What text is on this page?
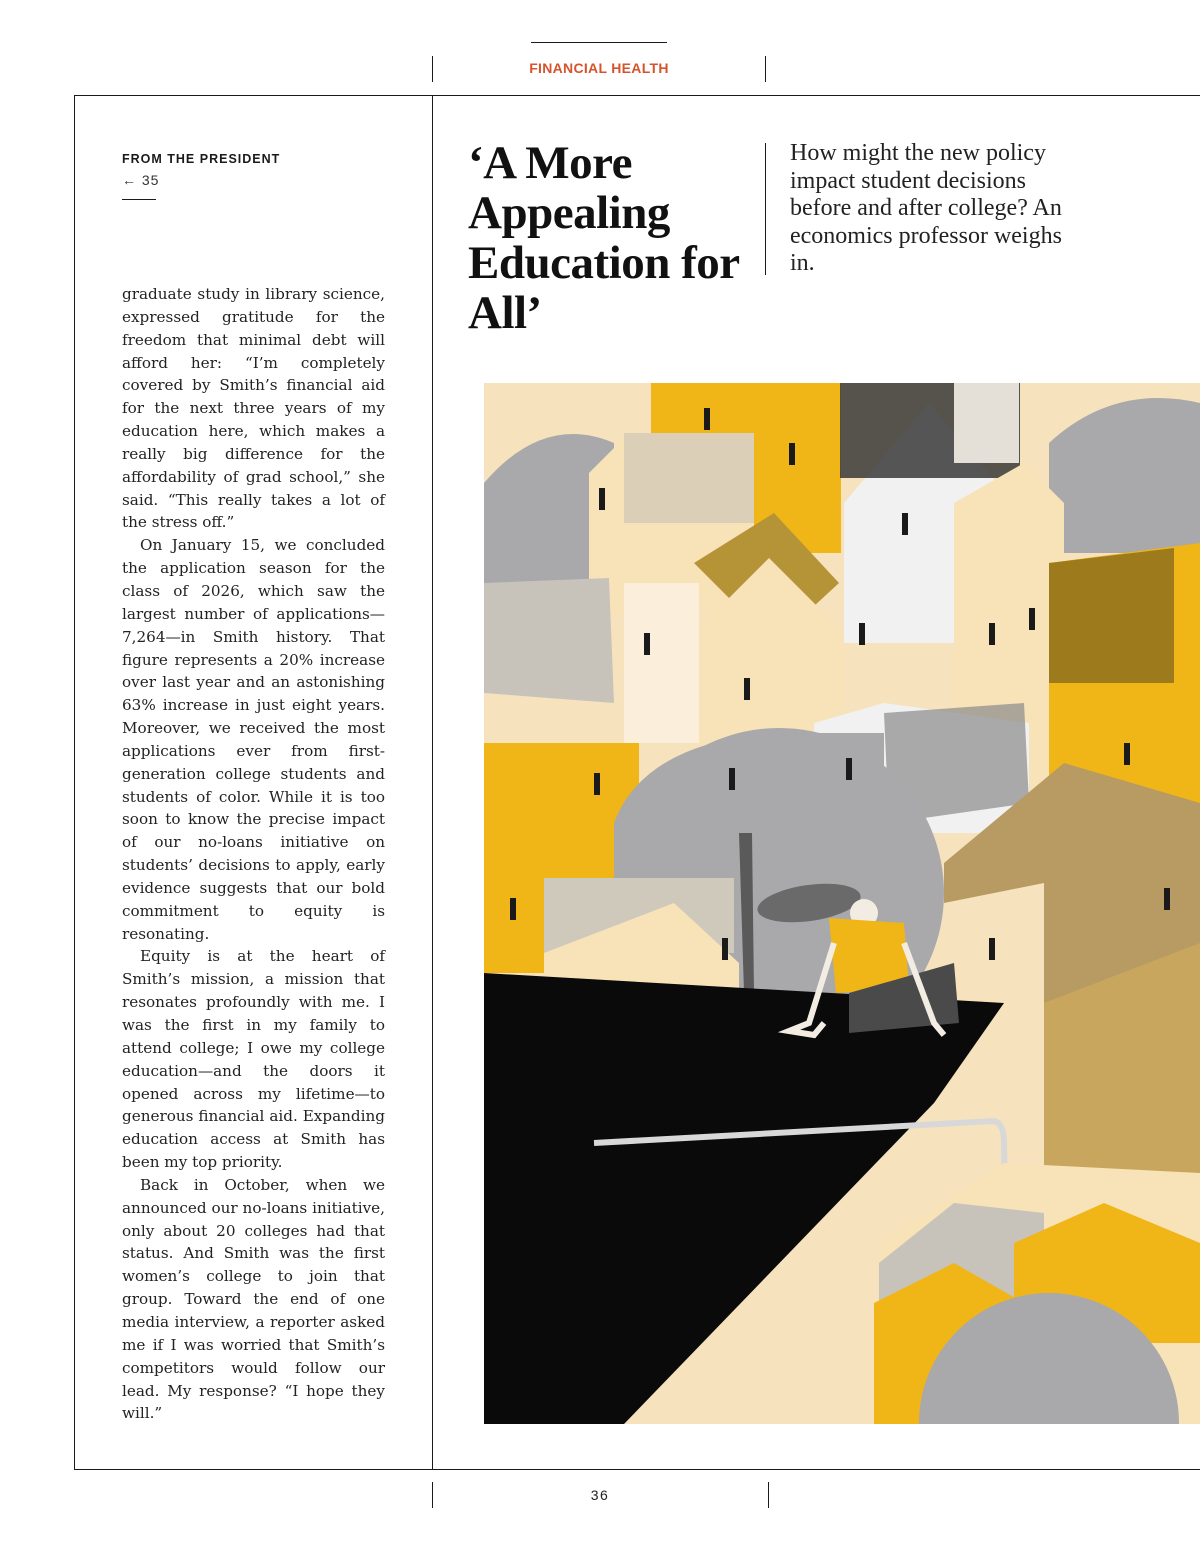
FINANCIAL HEALTH
FROM THE PRESIDENT
← 35

graduate study in library science, expressed gratitude for the freedom that minimal debt will afford her: “I’m completely covered by Smith’s financial aid for the next three years of my education here, which makes a really big difference for the affordability of grad school,” she said. “This really takes a lot of the stress off.”

On January 15, we concluded the application season for the class of 2026, which saw the largest number of applications—7,264—in Smith history. That figure represents a 20% increase over last year and an astonishing 63% increase in just eight years. Moreover, we received the most applications ever from first-generation college students and students of color. While it is too soon to know the precise impact of our no-loans initiative on students’ decisions to apply, early evidence suggests that our bold commitment to equity is resonating.

Equity is at the heart of Smith’s mission, a mission that resonates profoundly with me. I was the first in my family to attend college; I owe my college education—and the doors it opened across my lifetime—to generous financial aid. Expanding education access at Smith has been my top priority.

Back in October, when we announced our no-loans initiative, only about 20 colleges had that status. And Smith was the first women’s college to join that group. Toward the end of one media interview, a reporter asked me if I was worried that Smith’s competitors would follow our lead. My response? “I hope they will.”

‘A More Appealing Education for All’
How might the new policy impact student decisions before and after college? An economics professor weighs in.
36
